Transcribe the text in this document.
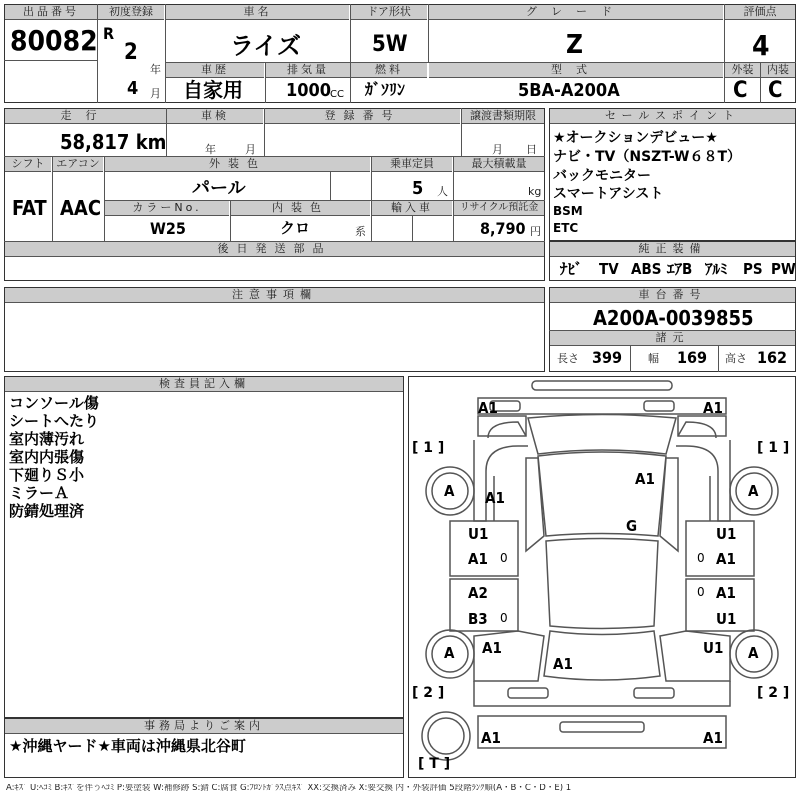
出品番号
80082
初度登録
R
2
年
4 月
車名
ライズ
ドア形状
5W
グレード
Z
評価点
4
車歴
自家用
排気量
1000
CC
燃料
ｶﾞｿﾘﾝ
型式
5BA-A200A
外装	内装
C C
走行
58,817 km
車検
年	月
登録番号	譲渡書類期限
月 日
シフト
FAT
エアコン
AAC
外装色
パール
乗車定員
5 人
最大積載量
kg
カラーNo.
W25
内装色
クロ	系
輸入車	リサイクル預託金
8,790 円
後日発送部品
セールスポイント
★オークションデビュー★
ナビ・TV（NSZT-W６８T）
バックモニター
スマートアシスト
BSM
ETC
純正装備
ﾅﾋﾞ TV ABS ｴｱB ｱﾙﾐ PS PW
注意事項欄	車台番号
A200A-0039855
諸元
長さ 399 幅 169 高さ 162
検査員記入欄
コンソール傷
シートへたり
室内薄汚れ
室内内張傷
下廻りＳ小
ミラーＡ
防錆処理済
事務局よりご案内
★沖縄ヤード★車両は沖縄県北谷町
[ 1 ]	[ 1 ]
[ 2 ]	[ 2 ]
[ T ]
A	A
A	A
A1	A1
A1
A1
G
U1
A1 0
U1
A1
0
A2
B3 0
A1
U1
0
A1	U1
A1
A1	A1
A:ｷｽﾞ U:ﾍｺﾐ B:ｷｽﾞを伴うﾍｺﾐ P:要塗装 W:補修跡 S:錆 C:腐食 G:ﾌﾛﾝﾄｶﾞﾗｽ点ｷｽﾞ XX:交換済み X:要交換 内・外装評価 5段階ﾗﾝｸ順(A・B・C・D・E) 1
